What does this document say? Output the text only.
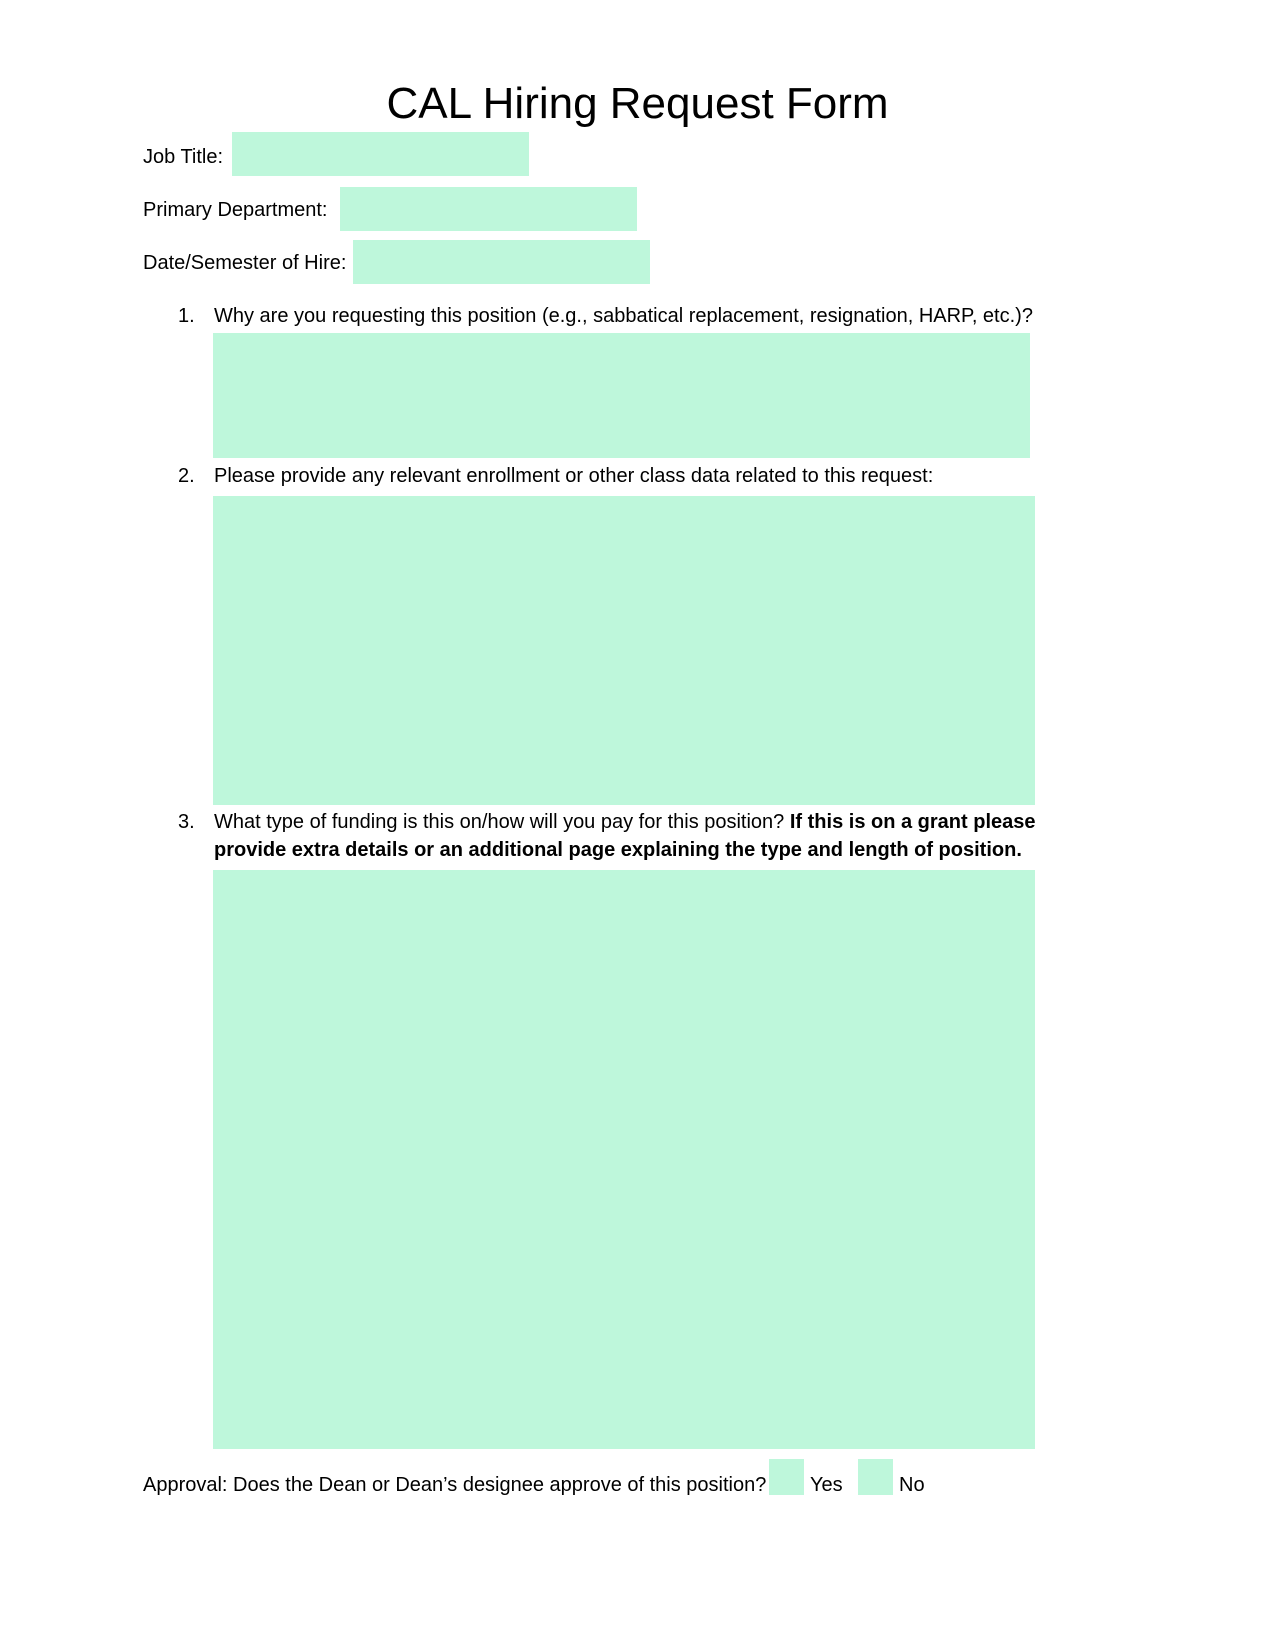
CAL Hiring Request Form
Job Title:
Primary Department:
Date/Semester of Hire:
1. Why are you requesting this position (e.g., sabbatical replacement, resignation, HARP, etc.)?
2. Please provide any relevant enrollment or other class data related to this request:
3. What type of funding is this on/how will you pay for this position? If this is on a grant please provide extra details or an additional page explaining the type and length of position.
Approval: Does the Dean or Dean’s designee approve of this position? Yes	No
